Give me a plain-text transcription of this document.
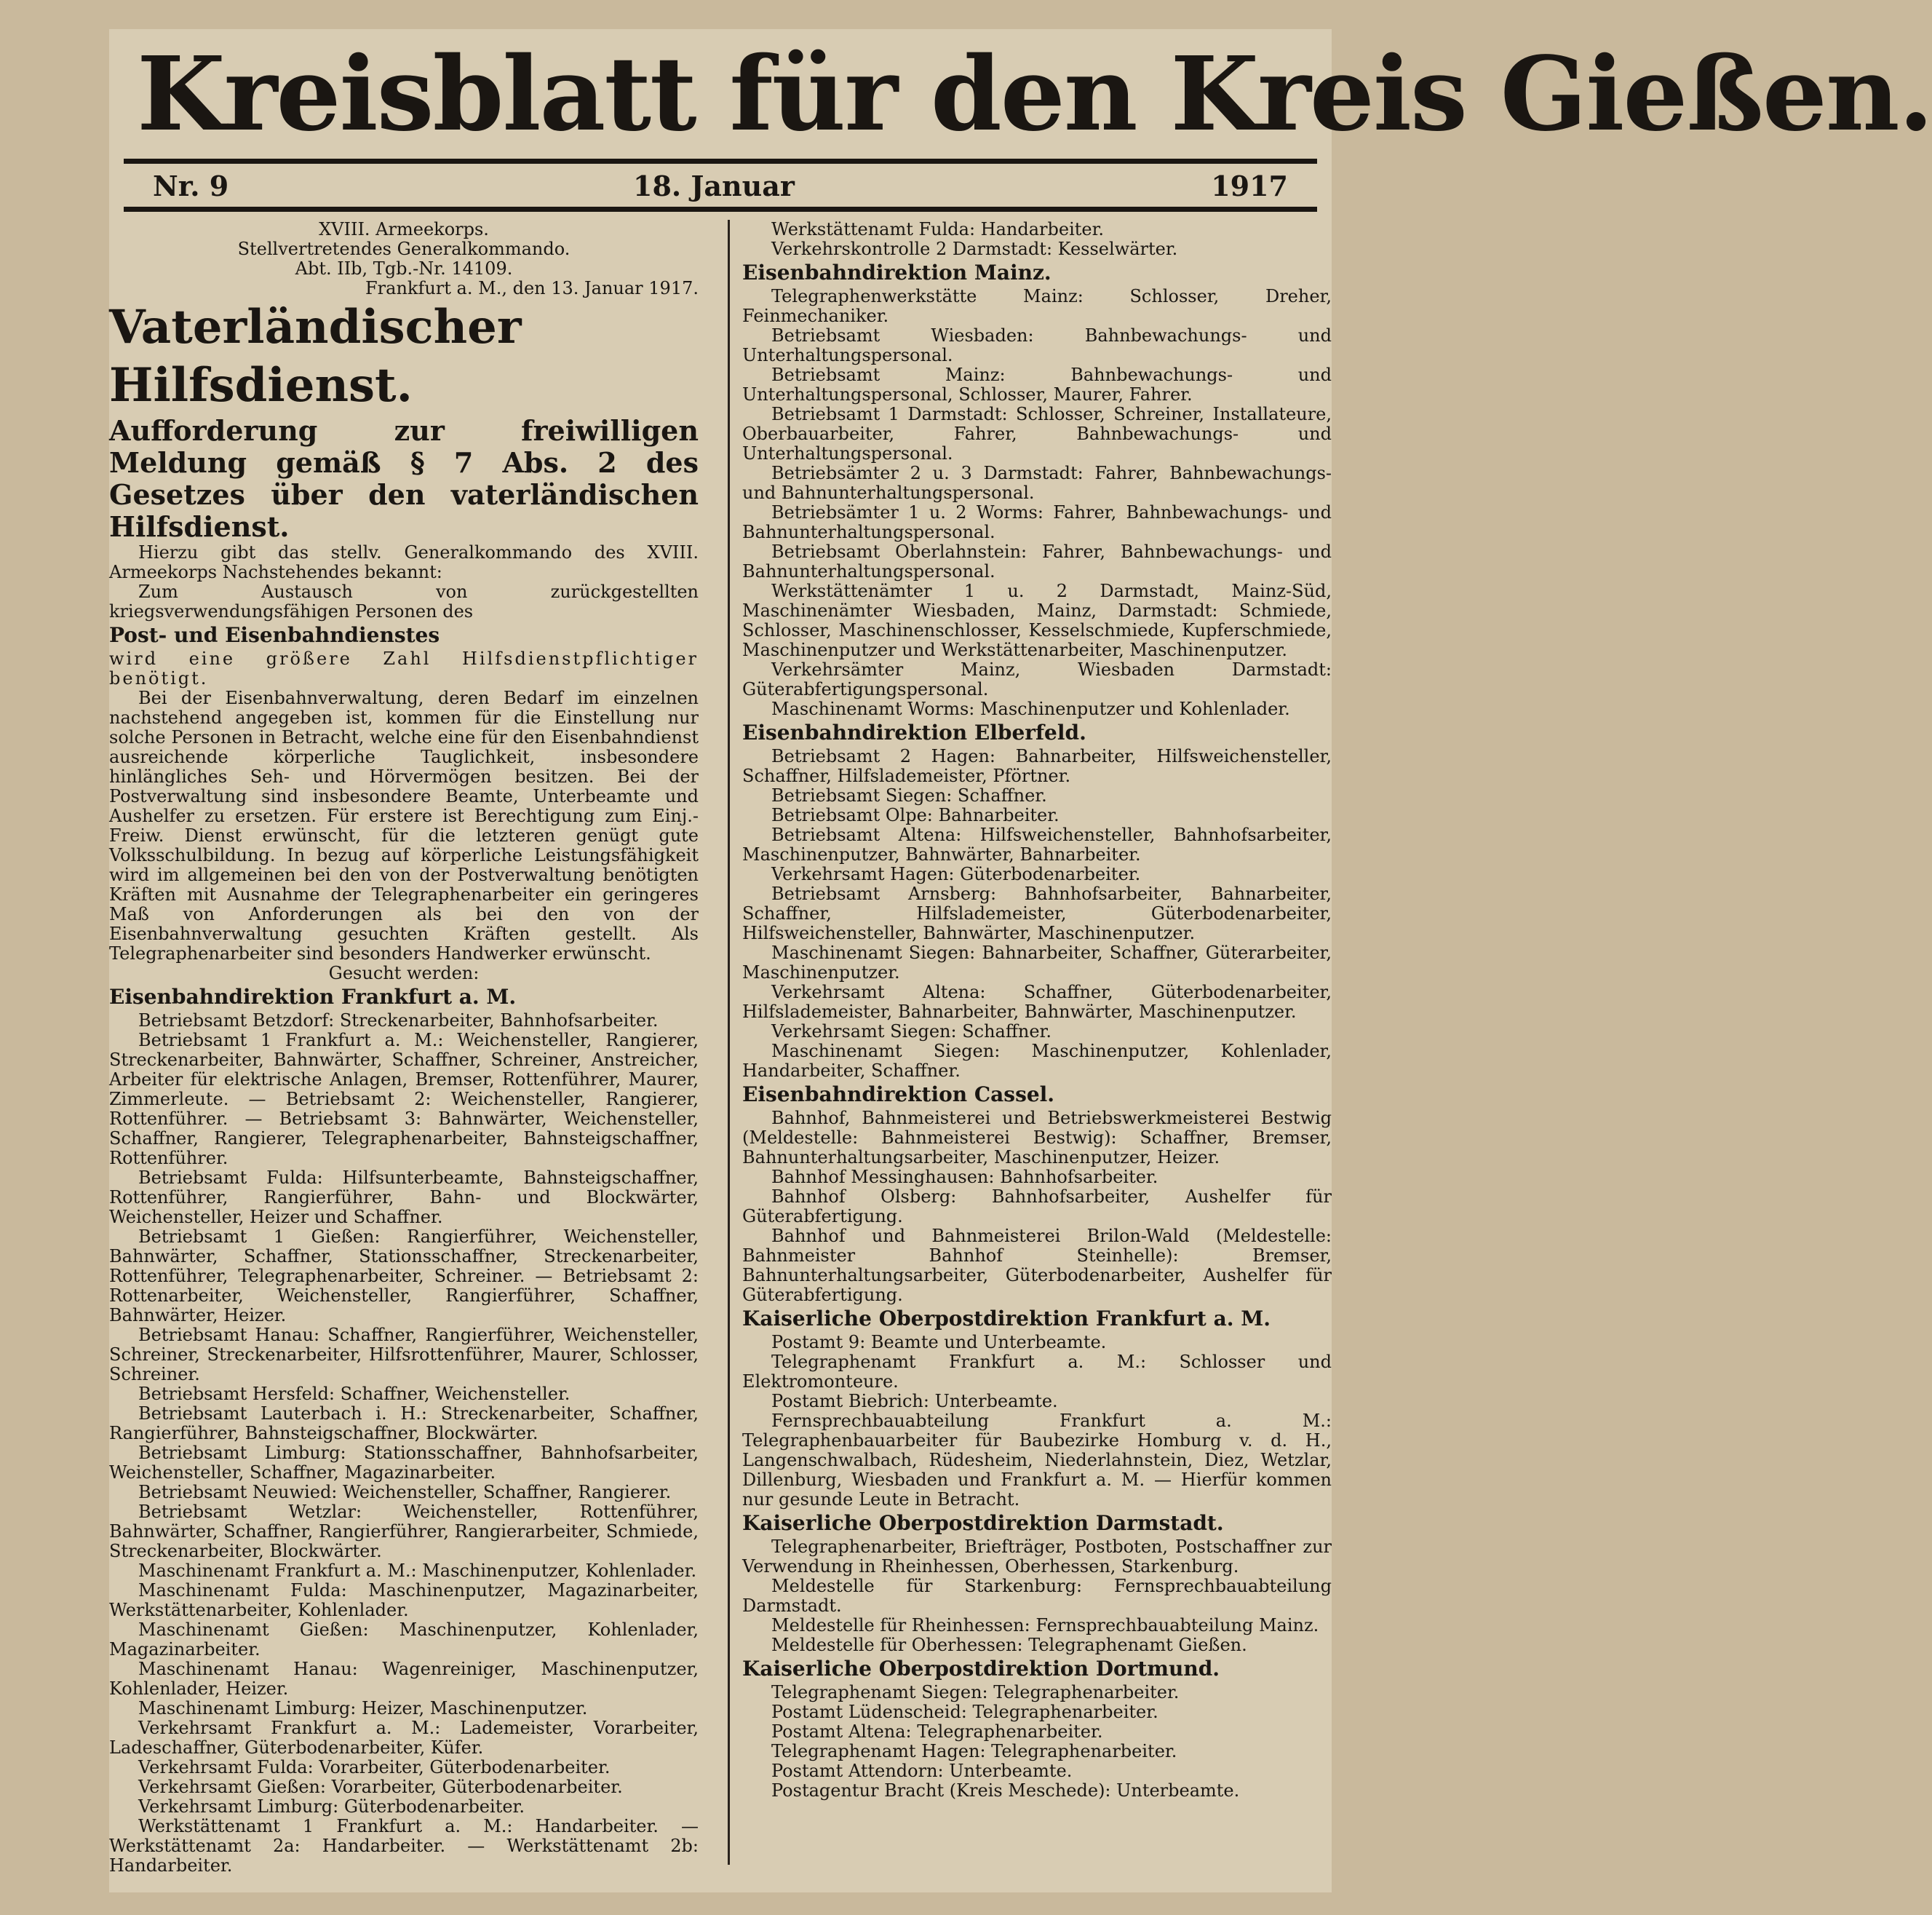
Kreisblatt für den Kreis Gießen.
Nr. 9	18. Januar	1917

XVIII. Armeekorps.

Stellvertretendes Generalkommando.

Abt. IIb, Tgb.-Nr. 14109.

Frankfurt a. M., den 13. Januar 1917.

Vaterländischer Hilfsdienst.

Aufforderung zur freiwilligen Meldung gemäß § 7 Abs. 2 des Gesetzes über den vaterländischen Hilfsdienst.

Hierzu gibt das stellv. Generalkommando des XVIII. Armeekorps Nachstehendes bekannt:

Zum Austausch von zurückgestellten kriegsverwendungsfähigen Personen des

Post- und Eisenbahndienstes

wird eine größere Zahl Hilfsdienstpflichtiger benötigt.

Bei der Eisenbahnverwaltung, deren Bedarf im einzelnen nachstehend angegeben ist, kommen für die Einstellung nur solche Personen in Betracht, welche eine für den Eisenbahndienst ausreichende körperliche Tauglichkeit, insbesondere hinlängliches Seh- und Hörvermögen besitzen. Bei der Postverwaltung sind insbesondere Beamte, Unterbeamte und Aushelfer zu ersetzen. Für erstere ist Berechtigung zum Einj.-Freiw. Dienst erwünscht, für die letzteren genügt gute Volksschulbildung. In bezug auf körperliche Leistungsfähigkeit wird im allgemeinen bei den von der Postverwaltung benötigten Kräften mit Ausnahme der Telegraphenarbeiter ein geringeres Maß von Anforderungen als bei den von der Eisenbahnverwaltung gesuchten Kräften gestellt. Als Telegraphenarbeiter sind besonders Handwerker erwünscht.

Gesucht werden:

Eisenbahndirektion Frankfurt a. M.

Betriebsamt Betzdorf: Streckenarbeiter, Bahnhofsarbeiter.

Betriebsamt 1 Frankfurt a. M.: Weichensteller, Rangierer, Streckenarbeiter, Bahnwärter, Schaffner, Schreiner, Anstreicher, Arbeiter für elektrische Anlagen, Bremser, Rottenführer, Maurer, Zimmerleute. — Betriebsamt 2: Weichensteller, Rangierer, Rottenführer. — Betriebsamt 3: Bahnwärter, Weichensteller, Schaffner, Rangierer, Telegraphenarbeiter, Bahnsteigschaffner, Rottenführer.

Betriebsamt Fulda: Hilfsunterbeamte, Bahnsteigschaffner, Rottenführer, Rangierführer, Bahn- und Blockwärter, Weichensteller, Heizer und Schaffner.

Betriebsamt 1 Gießen: Rangierführer, Weichensteller, Bahnwärter, Schaffner, Stationsschaffner, Streckenarbeiter, Rottenführer, Telegraphenarbeiter, Schreiner. — Betriebsamt 2: Rottenarbeiter, Weichensteller, Rangierführer, Schaffner, Bahnwärter, Heizer.

Betriebsamt Hanau: Schaffner, Rangierführer, Weichensteller, Schreiner, Streckenarbeiter, Hilfsrottenführer, Maurer, Schlosser, Schreiner.

Betriebsamt Hersfeld: Schaffner, Weichensteller.

Betriebsamt Lauterbach i. H.: Streckenarbeiter, Schaffner, Rangierführer, Bahnsteigschaffner, Blockwärter.

Betriebsamt Limburg: Stationsschaffner, Bahnhofsarbeiter, Weichensteller, Schaffner, Magazinarbeiter.

Betriebsamt Neuwied: Weichensteller, Schaffner, Rangierer.

Betriebsamt Wetzlar: Weichensteller, Rottenführer, Bahnwärter, Schaffner, Rangierführer, Rangierarbeiter, Schmiede, Streckenarbeiter, Blockwärter.

Maschinenamt Frankfurt a. M.: Maschinenputzer, Kohlenlader.

Maschinenamt Fulda: Maschinenputzer, Magazinarbeiter, Werkstättenarbeiter, Kohlenlader.

Maschinenamt Gießen: Maschinenputzer, Kohlenlader, Magazinarbeiter.

Maschinenamt Hanau: Wagenreiniger, Maschinenputzer, Kohlenlader, Heizer.

Maschinenamt Limburg: Heizer, Maschinenputzer.

Verkehrsamt Frankfurt a. M.: Lademeister, Vorarbeiter, Ladeschaffner, Güterbodenarbeiter, Küfer.

Verkehrsamt Fulda: Vorarbeiter, Güterbodenarbeiter.

Verkehrsamt Gießen: Vorarbeiter, Güterbodenarbeiter.

Verkehrsamt Limburg: Güterbodenarbeiter.

Werkstättenamt 1 Frankfurt a. M.: Handarbeiter. — Werkstättenamt 2a: Handarbeiter. — Werkstättenamt 2b: Handarbeiter.

Werkstättenamt Fulda: Handarbeiter.

Verkehrskontrolle 2 Darmstadt: Kesselwärter.

Eisenbahndirektion Mainz.

Telegraphenwerkstätte Mainz: Schlosser, Dreher, Feinmechaniker.

Betriebsamt Wiesbaden: Bahnbewachungs- und Unterhaltungspersonal.

Betriebsamt Mainz: Bahnbewachungs- und Unterhaltungspersonal, Schlosser, Maurer, Fahrer.

Betriebsamt 1 Darmstadt: Schlosser, Schreiner, Installateure, Oberbauarbeiter, Fahrer, Bahnbewachungs- und Unterhaltungspersonal.

Betriebsämter 2 u. 3 Darmstadt: Fahrer, Bahnbewachungs- und Bahnunterhaltungspersonal.

Betriebsämter 1 u. 2 Worms: Fahrer, Bahnbewachungs- und Bahnunterhaltungspersonal.

Betriebsamt Oberlahnstein: Fahrer, Bahnbewachungs- und Bahnunterhaltungspersonal.

Werkstättenämter 1 u. 2 Darmstadt, Mainz-Süd, Maschinenämter Wiesbaden, Mainz, Darmstadt: Schmiede, Schlosser, Maschinenschlosser, Kesselschmiede, Kupferschmiede, Maschinenputzer und Werkstättenarbeiter, Maschinenputzer.

Verkehrsämter Mainz, Wiesbaden Darmstadt: Güterabfertigungspersonal.

Maschinenamt Worms: Maschinenputzer und Kohlenlader.

Eisenbahndirektion Elberfeld.

Betriebsamt 2 Hagen: Bahnarbeiter, Hilfsweichensteller, Schaffner, Hilfslademeister, Pförtner.

Betriebsamt Siegen: Schaffner.

Betriebsamt Olpe: Bahnarbeiter.

Betriebsamt Altena: Hilfsweichensteller, Bahnhofsarbeiter, Maschinenputzer, Bahnwärter, Bahnarbeiter.

Verkehrsamt Hagen: Güterbodenarbeiter.

Betriebsamt Arnsberg: Bahnhofsarbeiter, Bahnarbeiter, Schaffner, Hilfslademeister, Güterbodenarbeiter, Hilfsweichensteller, Bahnwärter, Maschinenputzer.

Maschinenamt Siegen: Bahnarbeiter, Schaffner, Güterarbeiter, Maschinenputzer.

Verkehrsamt Altena: Schaffner, Güterbodenarbeiter, Hilfslademeister, Bahnarbeiter, Bahnwärter, Maschinenputzer.

Verkehrsamt Siegen: Schaffner.

Maschinenamt Siegen: Maschinenputzer, Kohlenlader, Handarbeiter, Schaffner.

Eisenbahndirektion Cassel.

Bahnhof, Bahnmeisterei und Betriebswerkmeisterei Bestwig (Meldestelle: Bahnmeisterei Bestwig): Schaffner, Bremser, Bahnunterhaltungsarbeiter, Maschinenputzer, Heizer.

Bahnhof Messinghausen: Bahnhofsarbeiter.

Bahnhof Olsberg: Bahnhofsarbeiter, Aushelfer für Güterabfertigung.

Bahnhof und Bahnmeisterei Brilon-Wald (Meldestelle: Bahnmeister Bahnhof Steinhelle): Bremser, Bahnunterhaltungsarbeiter, Güterbodenarbeiter, Aushelfer für Güterabfertigung.

Kaiserliche Oberpostdirektion Frankfurt a. M.

Postamt 9: Beamte und Unterbeamte.

Telegraphenamt Frankfurt a. M.: Schlosser und Elektromonteure.

Postamt Biebrich: Unterbeamte.

Fernsprechbauabteilung Frankfurt a. M.: Telegraphenbauarbeiter für Baubezirke Homburg v. d. H., Langenschwalbach, Rüdesheim, Niederlahnstein, Diez, Wetzlar, Dillenburg, Wiesbaden und Frankfurt a. M. — Hierfür kommen nur gesunde Leute in Betracht.

Kaiserliche Oberpostdirektion Darmstadt.

Telegraphenarbeiter, Briefträger, Postboten, Postschaffner zur Verwendung in Rheinhessen, Oberhessen, Starkenburg.

Meldestelle für Starkenburg: Fernsprechbauabteilung Darmstadt.

Meldestelle für Rheinhessen: Fernsprechbauabteilung Mainz.

Meldestelle für Oberhessen: Telegraphenamt Gießen.

Kaiserliche Oberpostdirektion Dortmund.

Telegraphenamt Siegen: Telegraphenarbeiter.

Postamt Lüdenscheid: Telegraphenarbeiter.

Postamt Altena: Telegraphenarbeiter.

Telegraphenamt Hagen: Telegraphenarbeiter.

Postamt Attendorn: Unterbeamte.

Postagentur Bracht (Kreis Meschede): Unterbeamte.
